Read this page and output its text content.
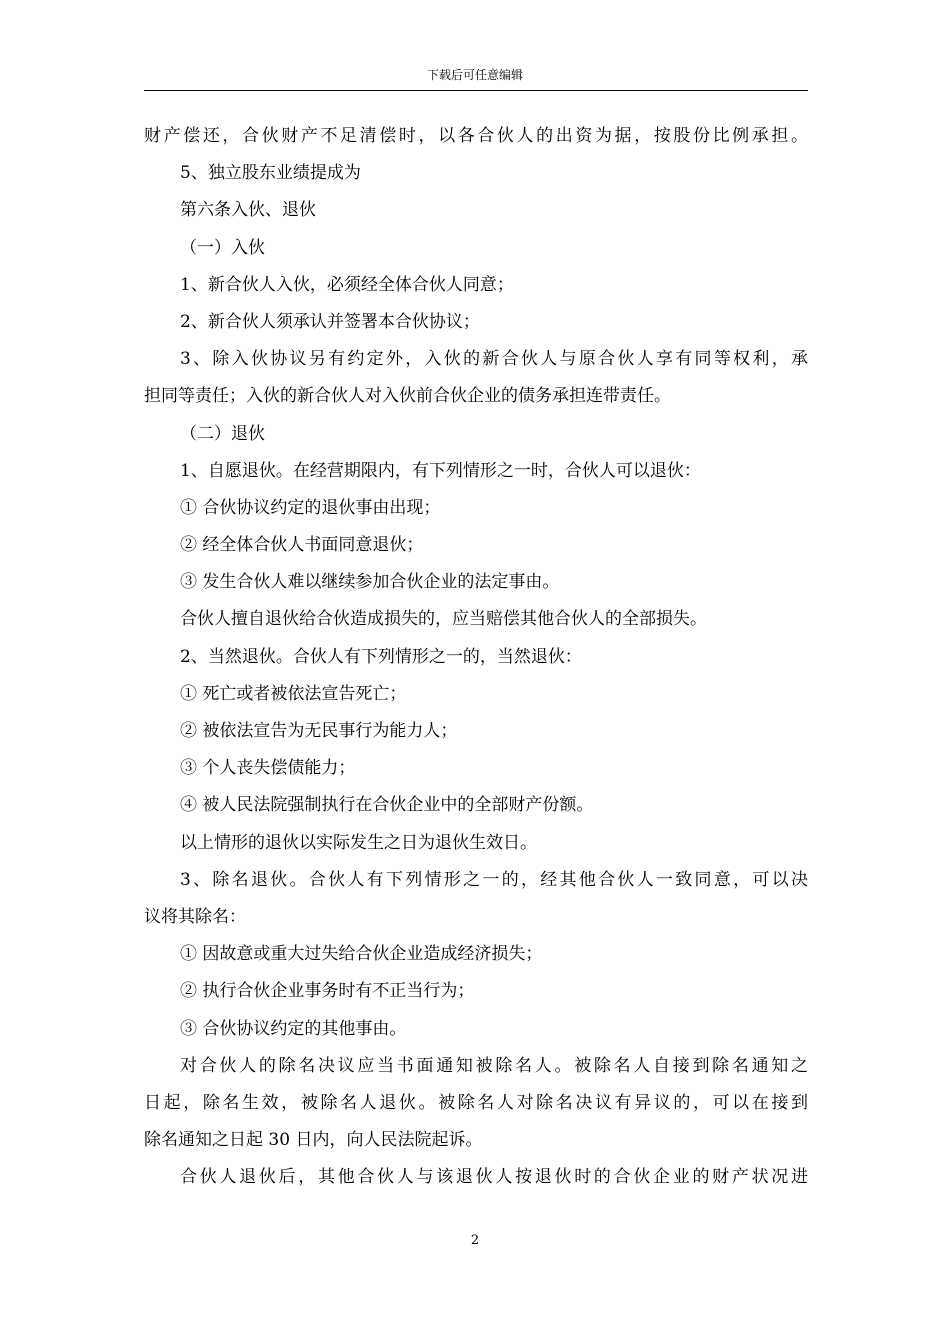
下载后可任意编辑
财产偿还，合伙财产不足清偿时，以各合伙人的出资为据，按股份比例承担。
5、独立股东业绩提成为
第六条入伙、退伙
（一）入伙
1、新合伙人入伙，必须经全体合伙人同意；
2、新合伙人须承认并签署本合伙协议；
3、除入伙协议另有约定外，入伙的新合伙人与原合伙人享有同等权利，承
担同等责任；入伙的新合伙人对入伙前合伙企业的债务承担连带责任。
（二）退伙
1、自愿退伙。在经营期限内，有下列情形之一时，合伙人可以退伙：
① 合伙协议约定的退伙事由出现；
② 经全体合伙人书面同意退伙；
③ 发生合伙人难以继续参加合伙企业的法定事由。
合伙人擅自退伙给合伙造成损失的，应当赔偿其他合伙人的全部损失。
2、当然退伙。合伙人有下列情形之一的，当然退伙：
① 死亡或者被依法宣告死亡；
② 被依法宣告为无民事行为能力人；
③ 个人丧失偿债能力；
④ 被人民法院强制执行在合伙企业中的全部财产份额。
以上情形的退伙以实际发生之日为退伙生效日。
3、除名退伙。合伙人有下列情形之一的，经其他合伙人一致同意，可以决
议将其除名：
① 因故意或重大过失给合伙企业造成经济损失；
② 执行合伙企业事务时有不正当行为；
③ 合伙协议约定的其他事由。
对合伙人的除名决议应当书面通知被除名人。被除名人自接到除名通知之
日起，除名生效，被除名人退伙。被除名人对除名决议有异议的，可以在接到
除名通知之日起 30 日内，向人民法院起诉。
合伙人退伙后，其他合伙人与该退伙人按退伙时的合伙企业的财产状况进
2
